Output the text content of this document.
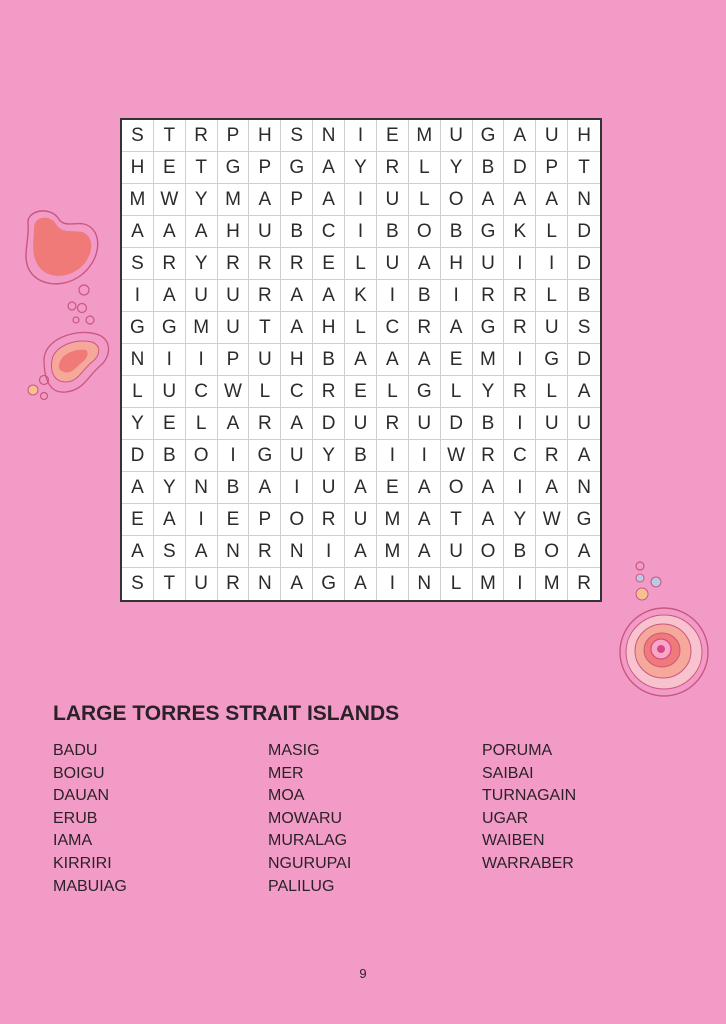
S	T	R P H S N	I	E M U G A U H
H E	T G P G A	Y R	L	Y	B D P	T
M W Y M A	P	A	I	U	L	O A	A	A	N
A	A	A H U B C	I	B O B G K	L	D
S R Y R R R E	L	U A H U	I	I	D
I	A U U R A	A	K	I	B	I	R R	L	B
G G M U	T	A H	L	C R A G R U	S
N	I	I	P U H B	A	A	A	E M	I	G D
L	U C W L	C R E	L	G	L	Y R	L	A
Y	E	L	A R A D U R U D B	I	U U
D B O	I	G U Y	B	I	I	W R C R	A
A	Y N B	A	I	U A	E	A O A	I	A	N
E	A	I	E	P O R U M A	T	A	Y W G
A	S	A N R N	I	A M A U O B O A
S	T	U R N A G A	I	N	L M	I	M R
LARGE TORRES STRAIT ISLANDS
BADU
BOIGU
DAUAN
ERUB
IAMA
KIRRIRI
MABUIAG
MASIG
MER
MOA
MOWARU
MURALAG
NGURUPAI
PALILUG
PORUMA
SAIBAI
TURNAGAIN
UGAR
WAIBEN
WARRABER
9
